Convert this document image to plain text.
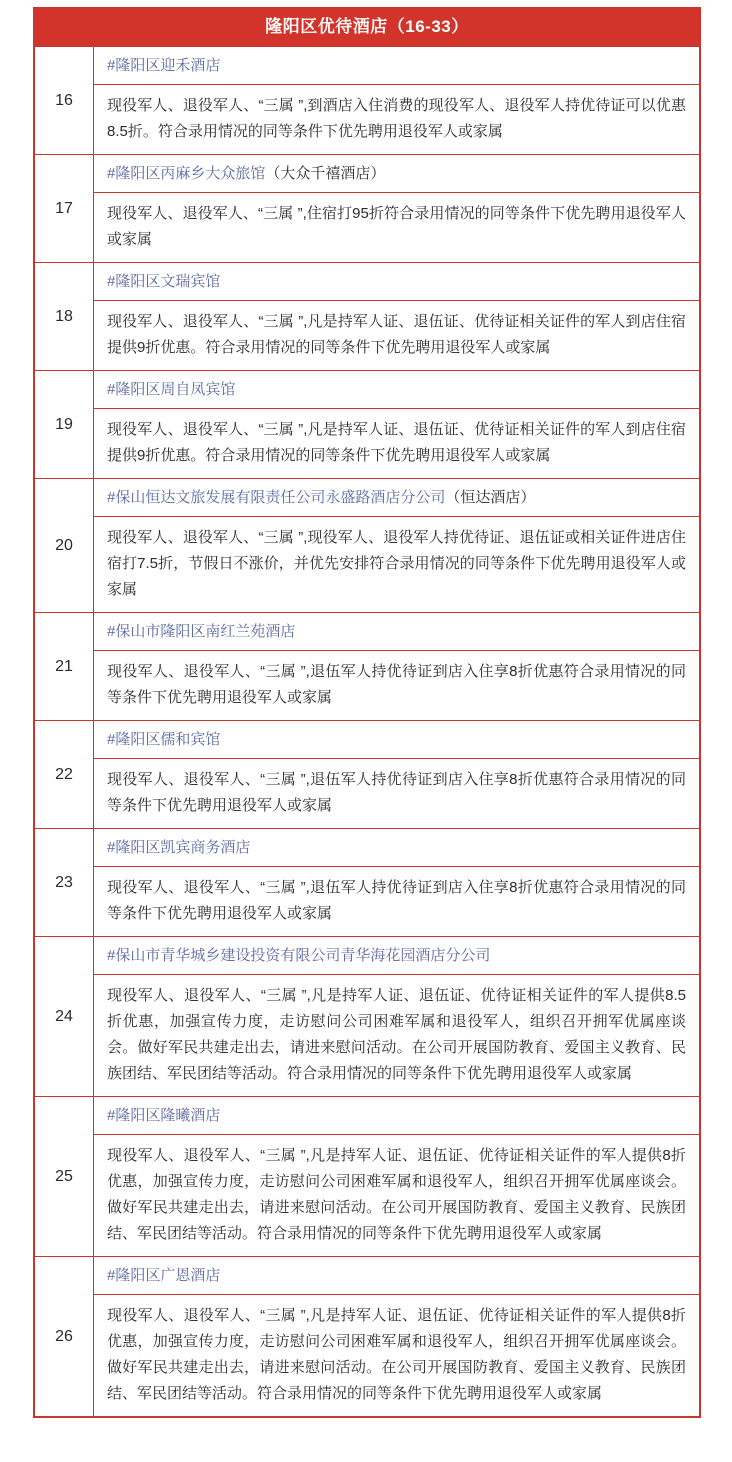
隆阳区优待酒店（16-33）
16
#隆阳区迎禾酒店
现役军人、退役军人、“三属 ”,到酒店入住消费的现役军人、退役军人持优待证可以优惠8.5折。符合录用情况的同等条件下优先聘用退役军人或家属
17
#隆阳区丙麻乡大众旅馆（大众千禧酒店）
现役军人、退役军人、“三属 ”,住宿打95折符合录用情况的同等条件下优先聘用退役军人或家属
18
#隆阳区文瑞宾馆
现役军人、退役军人、“三属 ”,凡是持军人证、退伍证、优待证相关证件的军人到店住宿提供9折优惠。符合录用情况的同等条件下优先聘用退役军人或家属
19
#隆阳区周自凤宾馆
现役军人、退役军人、“三属 ”,凡是持军人证、退伍证、优待证相关证件的军人到店住宿提供9折优惠。符合录用情况的同等条件下优先聘用退役军人或家属
20
#保山恒达文旅发展有限责任公司永盛路酒店分公司（恒达酒店）
现役军人、退役军人、“三属 ”,现役军人、退役军人持优待证、退伍证或相关证件进店住宿打7.5折，节假日不涨价，并优先安排符合录用情况的同等条件下优先聘用退役军人或家属
21
#保山市隆阳区南红兰苑酒店
现役军人、退役军人、“三属 ”,退伍军人持优待证到店入住享8折优惠符合录用情况的同等条件下优先聘用退役军人或家属
22
#隆阳区儒和宾馆
现役军人、退役军人、“三属 ”,退伍军人持优待证到店入住享8折优惠符合录用情况的同等条件下优先聘用退役军人或家属
23
#隆阳区凯宾商务酒店
现役军人、退役军人、“三属 ”,退伍军人持优待证到店入住享8折优惠符合录用情况的同等条件下优先聘用退役军人或家属
24
#保山市青华城乡建设投资有限公司青华海花园酒店分公司
现役军人、退役军人、“三属 ”,凡是持军人证、退伍证、优待证相关证件的军人提供8.5折优惠，加强宣传力度，走访慰问公司困难军属和退役军人，组织召开拥军优属座谈会。做好军民共建走出去，请进来慰问活动。在公司开展国防教育、爱国主义教育、民族团结、军民团结等活动。符合录用情况的同等条件下优先聘用退役军人或家属
25
#隆阳区隆曦酒店
现役军人、退役军人、“三属 ”,凡是持军人证、退伍证、优待证相关证件的军人提供8折优惠，加强宣传力度，走访慰问公司困难军属和退役军人，组织召开拥军优属座谈会。做好军民共建走出去，请进来慰问活动。在公司开展国防教育、爱国主义教育、民族团结、军民团结等活动。符合录用情况的同等条件下优先聘用退役军人或家属
26
#隆阳区广恩酒店
现役军人、退役军人、“三属 ”,凡是持军人证、退伍证、优待证相关证件的军人提供8折优惠，加强宣传力度，走访慰问公司困难军属和退役军人，组织召开拥军优属座谈会。做好军民共建走出去，请进来慰问活动。在公司开展国防教育、爱国主义教育、民族团结、军民团结等活动。符合录用情况的同等条件下优先聘用退役军人或家属
